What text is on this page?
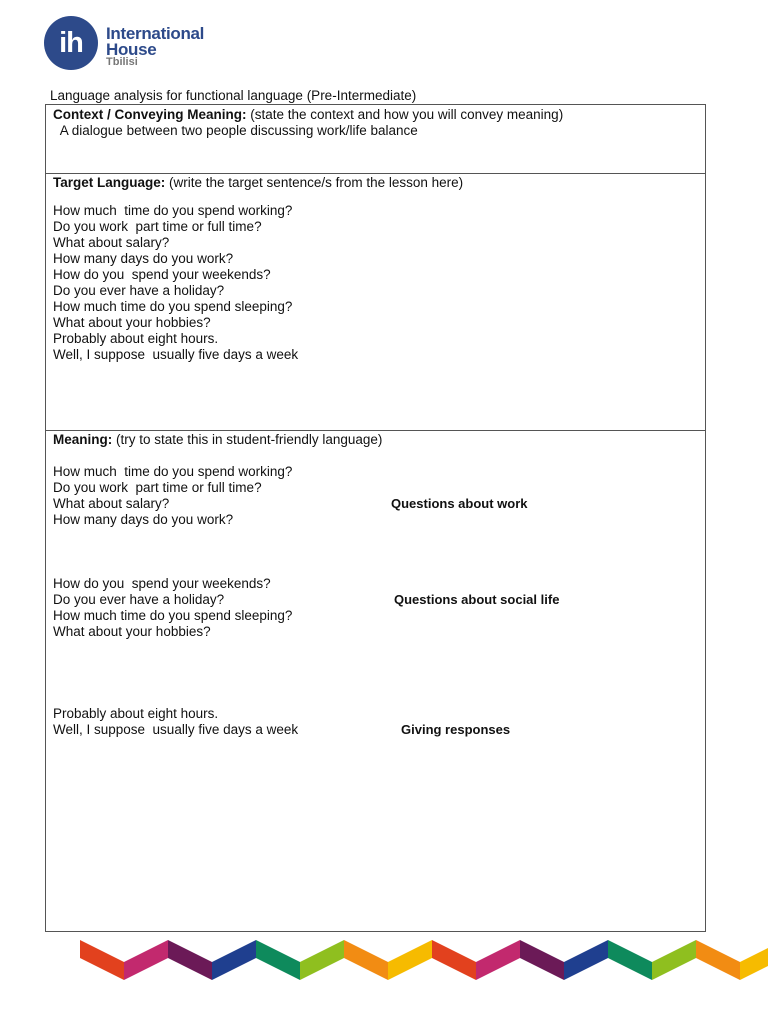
ih	International
House
Tbilisi
Language analysis for functional language (Pre-Intermediate)
Context / Conveying Meaning: (state the context and how you will convey meaning)
A dialogue between two people discussing work/life balance
Target Language: (write the target sentence/s from the lesson here)
How much  time do you spend working?
Do you work  part time or full time?
What about salary?
How many days do you work?
How do you  spend your weekends?
Do you ever have a holiday?
How much time do you spend sleeping?
What about your hobbies?
Probably about eight hours.
Well, I suppose  usually five days a week
Meaning: (try to state this in student-friendly language)
How much  time do you spend working?
Do you work  part time or full time?
What about salary?
How many days do you work?
Questions about work
How do you  spend your weekends?
Do you ever have a holiday?
How much time do you spend sleeping?
What about your hobbies?
Questions about social life
Probably about eight hours.
Well, I suppose  usually five days a week	Giving responses
